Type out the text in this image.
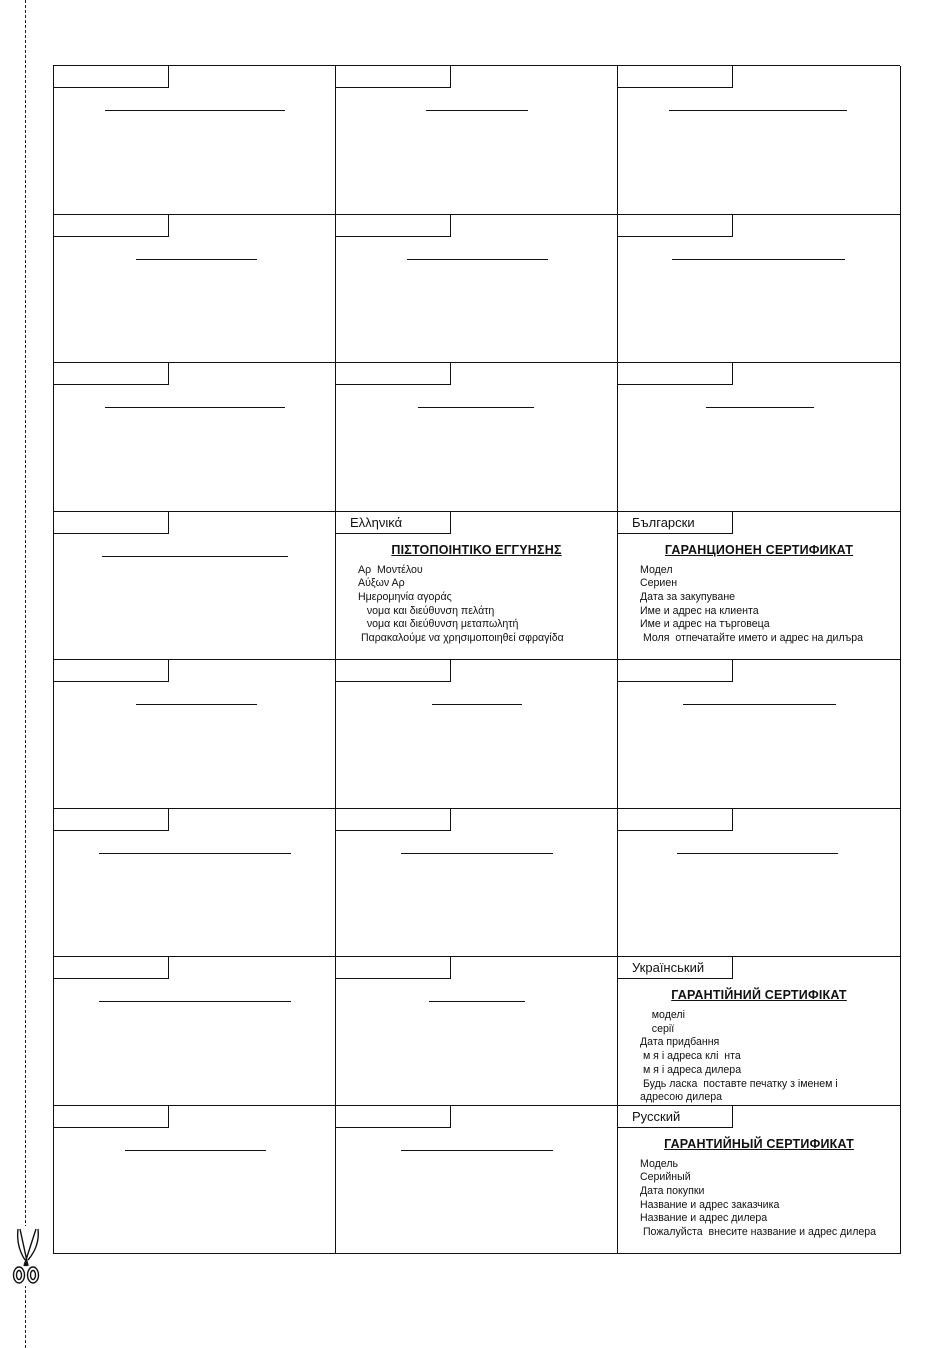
Ελληνικά
ΠΙΣΤΟΠΟΙΗΤΙΚΟ ΕΓΓΥΗΣΗΣ
Αρ  Μοντέλου
Αύξων Αρ
Ημερομηνία αγοράς
νομα και διεύθυνση πελάτη
νομα και διεύθυνση μεταπωλητή
Παρακαλούμε να χρησιμοποιηθεί σφραγίδα
Български
ГАРАНЦИОНЕН СЕРТИФИКАТ
Модел
Сериен
Дата за закупуване
Име и адрес на клиента
Име и адрес на търговеца
Моля  отпечатайте името и адрес на дилъра
Український
ГАРАНТІЙНИЙ СЕРТИФІКАТ
моделі
серії
Дата придбання
м я і адреса клі  нта
м я і адреса дилера
Будь ласка  поставте печатку з іменем і
адресою дилера
Русский
ГАРАНТИЙНЫЙ СЕРТИФИКАТ
Модель
Серийный
Дата покупки
Название и адрес заказчика
Название и адрес дилера
Пожалуйста  внесите название и адрес дилера
